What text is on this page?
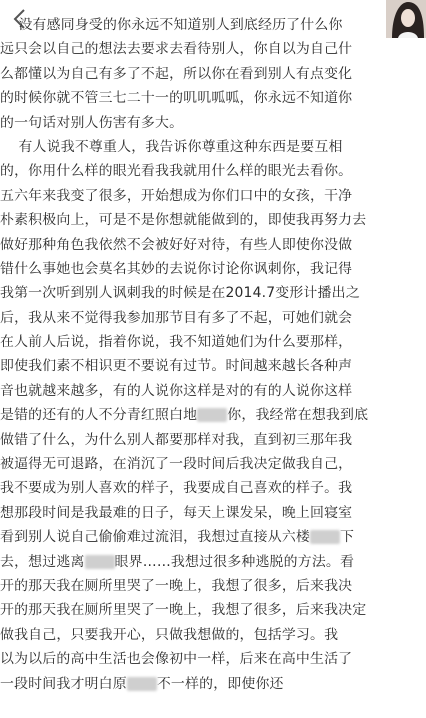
没有感同身受的你永远不知道别人到底经历了什么你
远只会以自己的想法去要求去看待别人，你自以为自己什
么都懂以为自己有多了不起，所以你在看到别人有点变化
的时候你就不管三七二十一的叽叽呱呱，你永远不知道你
的一句话对别人伤害有多大。
有人说我不尊重人，我告诉你尊重这种东西是要互相
的，你用什么样的眼光看我我就用什么样的眼光去看你。
五六年来我变了很多，开始想成为你们口中的女孩，干净
朴素积极向上，可是不是你想就能做到的，即使我再努力去
做好那种角色我依然不会被好好对待，有些人即使你没做
错什么事她也会莫名其妙的去说你讨论你讽刺你，我记得
我第一次听到别人讽刺我的时候是在2014.7变形计播出之
后，我从来不觉得我参加那节目有多了不起，可她们就会
在人前人后说，指着你说，我不知道她们为什么要那样，
即使我们素不相识更不要说有过节。时间越来越长各种声
音也就越来越多，有的人说你这样是对的有的人说你这样
是错的还有的人不分青红照白地 你，我经常在想我到底
做错了什么，为什么别人都要那样对我，直到初三那年我
被逼得无可退路，在消沉了一段时间后我决定做我自己，
我不要成为别人喜欢的样子，我要成自己喜欢的样子。我
想那段时间是我最难的日子，每天上课发呆，晚上回寝室
看到别人说自己偷偷难过流泪，我想过直接从六楼 下
去，想过逃离 眼界……我想过很多种逃脱的方法。看
开的那天我在厕所里哭了一晚上，我想了很多，后来我决
开的那天我在厕所里哭了一晚上，我想了很多，后来我决定
做我自己，只要我开心，只做我想做的，包括学习。我
以为以后的高中生活也会像初中一样，后来在高中生活了
一段时间我才明白原 不一样的，即使你还
